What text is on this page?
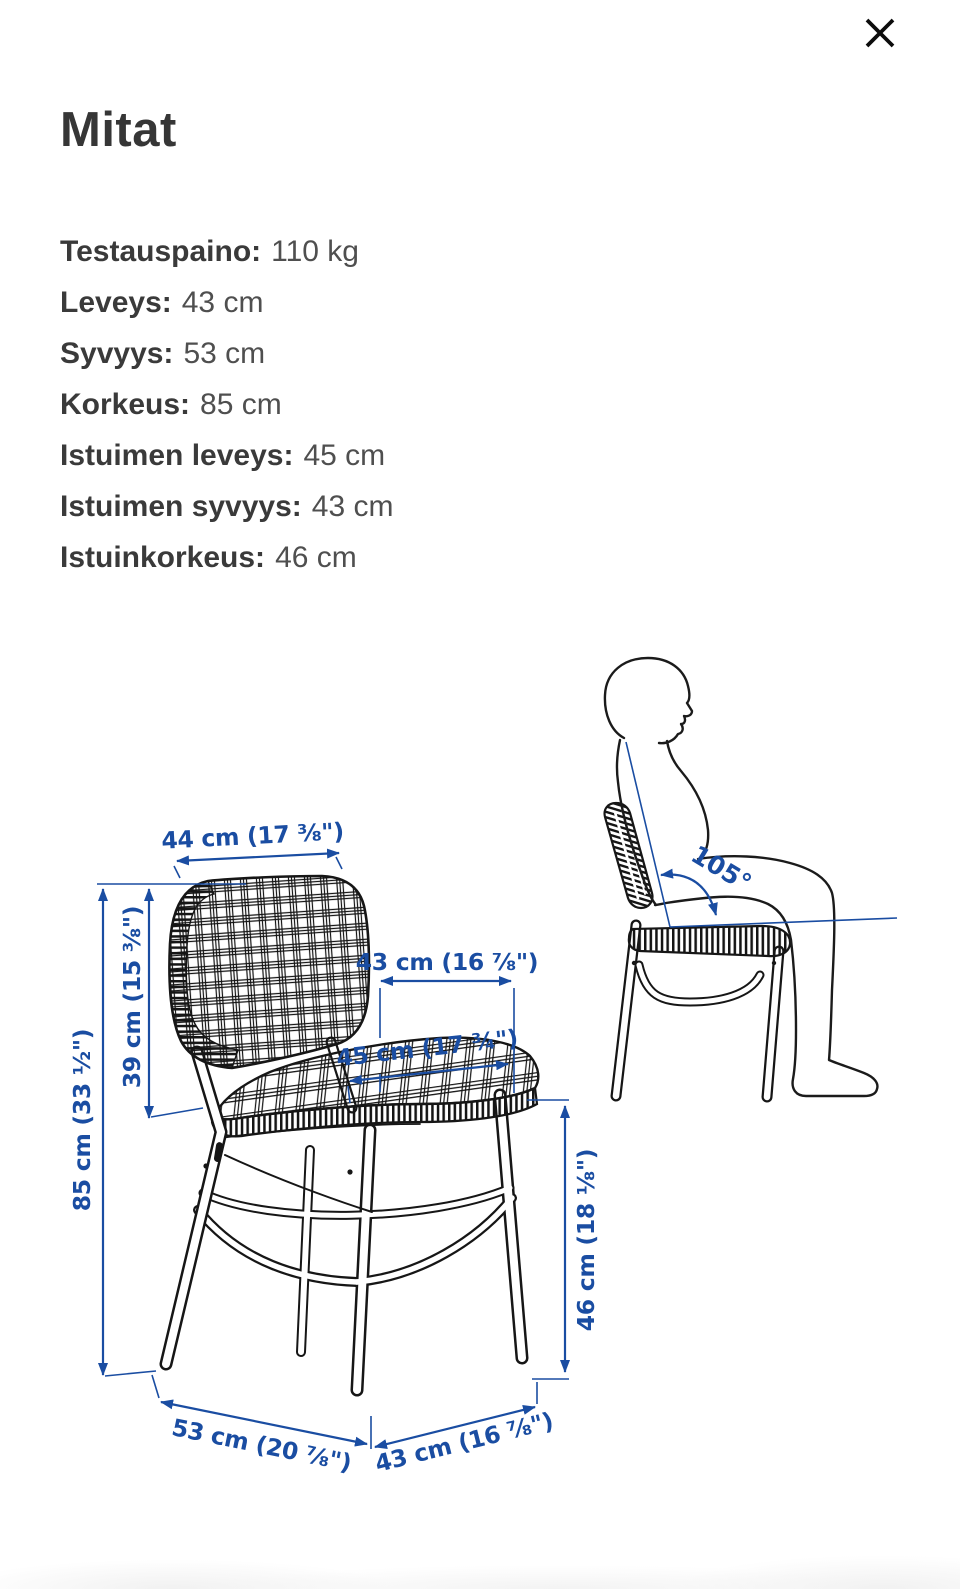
Mitat
Testauspaino: 110 kg
Leveys: 43 cm
Syvyys: 53 cm
Korkeus: 85 cm
Istuimen leveys: 45 cm
Istuimen syvyys: 43 cm
Istuinkorkeus: 46 cm
105°
44 cm (17 ⅜")
39 cm (15 ⅜")
85 cm (33 ½")
43 cm (16 ⅞")
45 cm (17 ¾")
46 cm (18 ⅛")
53 cm (20 ⅞") 43 cm (16 ⅞")
